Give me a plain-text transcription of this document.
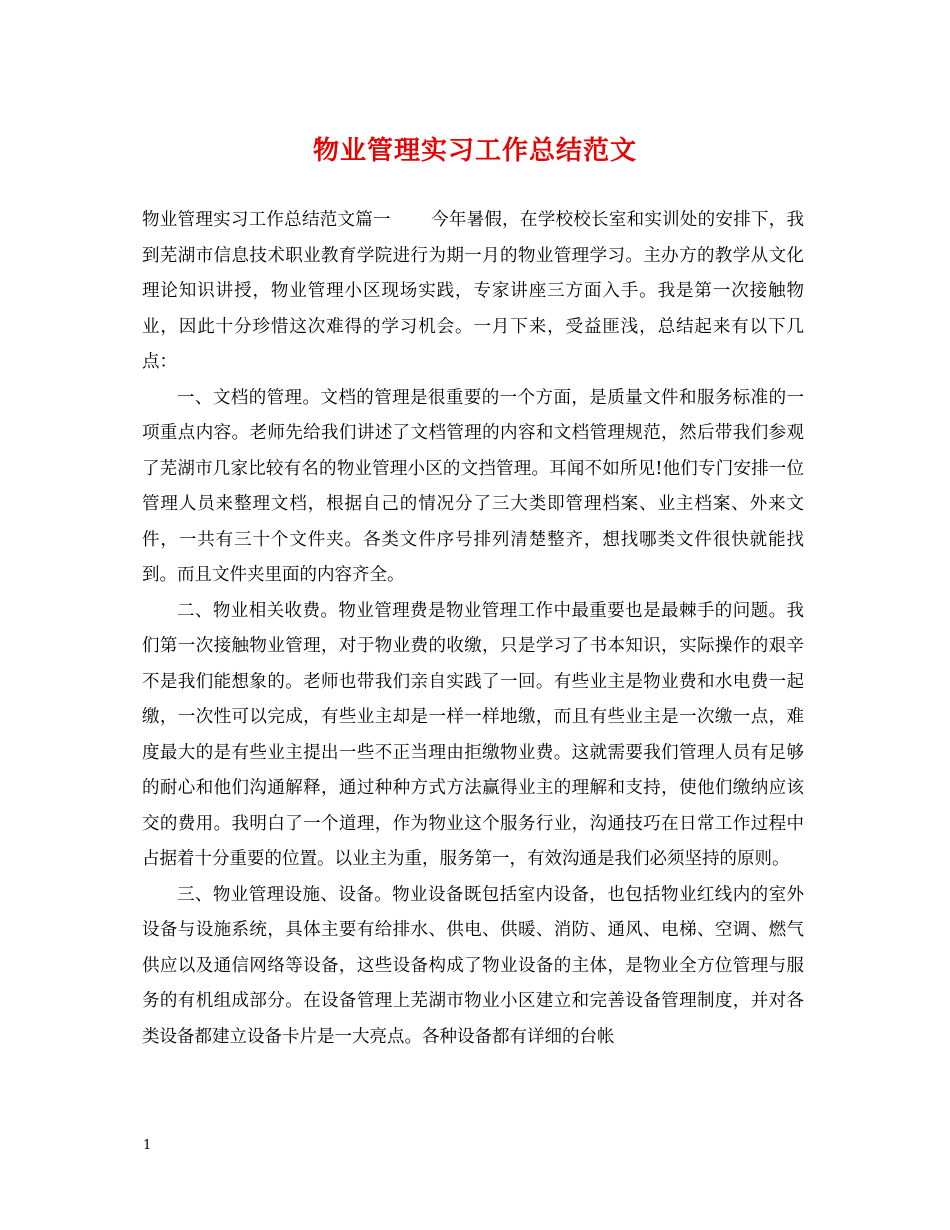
物业管理实习工作总结范文

物业管理实习工作总结范文篇一 今年暑假，在学校校长室和实训处的安排下，我到芜湖市信息技术职业教育学院进行为期一月的物业管理学习。主办方的教学从文化理论知识讲授，物业管理小区现场实践，专家讲座三方面入手。我是第一次接触物业，因此十分珍惜这次难得的学习机会。一月下来，受益匪浅，总结起来有以下几点：

一、文档的管理。文档的管理是很重要的一个方面，是质量文件和服务标准的一项重点内容。老师先给我们讲述了文档管理的内容和文档管理规范，然后带我们参观了芜湖市几家比较有名的物业管理小区的文挡管理。耳闻不如所见!他们专门安排一位管理人员来整理文档，根据自己的情况分了三大类即管理档案、业主档案、外来文件，一共有三十个文件夹。各类文件序号排列清楚整齐，想找哪类文件很快就能找到。而且文件夹里面的内容齐全。

二、物业相关收费。物业管理费是物业管理工作中最重要也是最棘手的问题。我们第一次接触物业管理，对于物业费的收缴，只是学习了书本知识，实际操作的艰辛不是我们能想象的。老师也带我们亲自实践了一回。有些业主是物业费和水电费一起缴，一次性可以完成，有些业主却是一样一样地缴，而且有些业主是一次缴一点，难度最大的是有些业主提出一些不正当理由拒缴物业费。这就需要我们管理人员有足够的耐心和他们沟通解释，通过种种方式方法赢得业主的理解和支持，使他们缴纳应该交的费用。我明白了一个道理，作为物业这个服务行业，沟通技巧在日常工作过程中占据着十分重要的位置。以业主为重，服务第一，有效沟通是我们必须坚持的原则。

三、物业管理设施、设备。物业设备既包括室内设备，也包括物业红线内的室外设备与设施系统，具体主要有给排水、供电、供暖、消防、通风、电梯、空调、燃气供应以及通信网络等设备，这些设备构成了物业设备的主体，是物业全方位管理与服务的有机组成部分。在设备管理上芜湖市物业小区建立和完善设备管理制度，并对各类设备都建立设备卡片是一大亮点。各种设备都有详细的台帐

1
